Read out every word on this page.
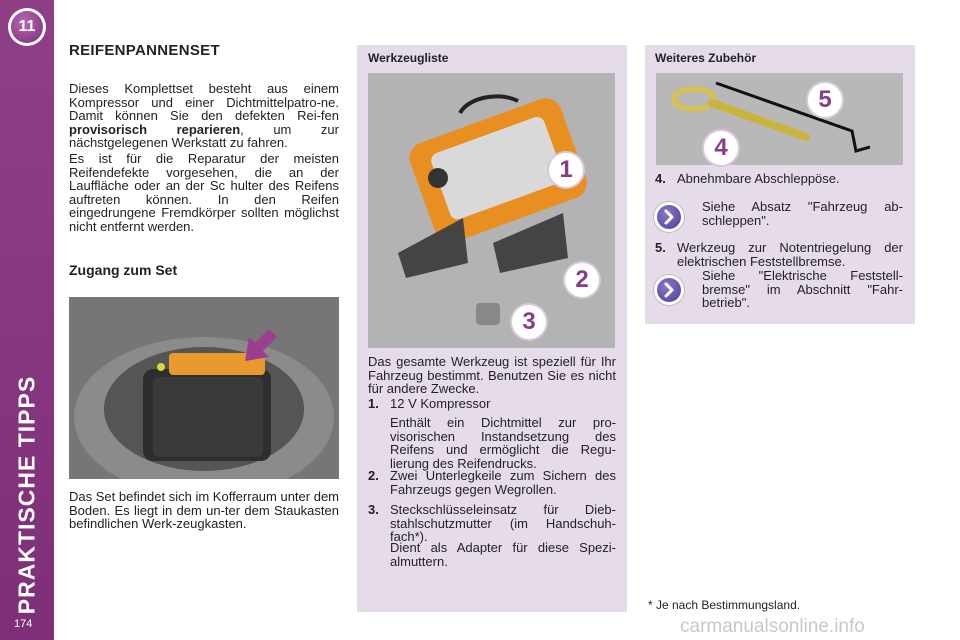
11
PRAKTISCHE TIPPS
174
REIFENPANNENSET
Dieses Komplettset besteht aus einem Kompressor und einer Dichtmittelpatro-ne. Damit können Sie den defekten Rei-fen provisorisch reparieren, um zur nächstgelegenen Werkstatt zu fahren.
Es ist für die Reparatur der meisten Reifendefekte vorgesehen, die an der Lauffläche oder an der Sc hulter des Reifens auftreten können. In den Reifen eingedrungene Fremdkörper sollten möglichst nicht entfernt werden.
Zugang zum Set
Das Set befindet sich im Kofferraum unter dem Boden. Es liegt in dem un-ter dem Staukasten befindlichen Werk-zeugkasten.
Werkzeugliste
1
2
3
Das gesamte Werkzeug ist speziell für Ihr Fahrzeug bestimmt. Benutzen Sie es nicht für andere Zwecke.
1. 12 V Kompressor
Enthält ein Dichtmittel zur pro-visorischen Instandsetzung des Reifens und ermöglicht die Regu-lierung des Reifendrucks.
2. Zwei Unterlegkeile zum Sichern des Fahrzeugs gegen Wegrollen.
3. Steckschlüsseleinsatz für Dieb-stahlschutzmutter (im Handschuh-fach*).
Dient als Adapter für diese Spezi-almuttern.
Weiteres Zubehör
4
5
4. Abnehmbare Abschleppöse.
Siehe Absatz "Fahrzeug ab-schleppen".
5. Werkzeug zur Notentriegelung der elektrischen Feststellbremse.
Siehe "Elektrische Feststell-bremse" im Abschnitt "Fahr-betrieb".
* Je nach Bestimmungsland.
carmanualsonline.info
